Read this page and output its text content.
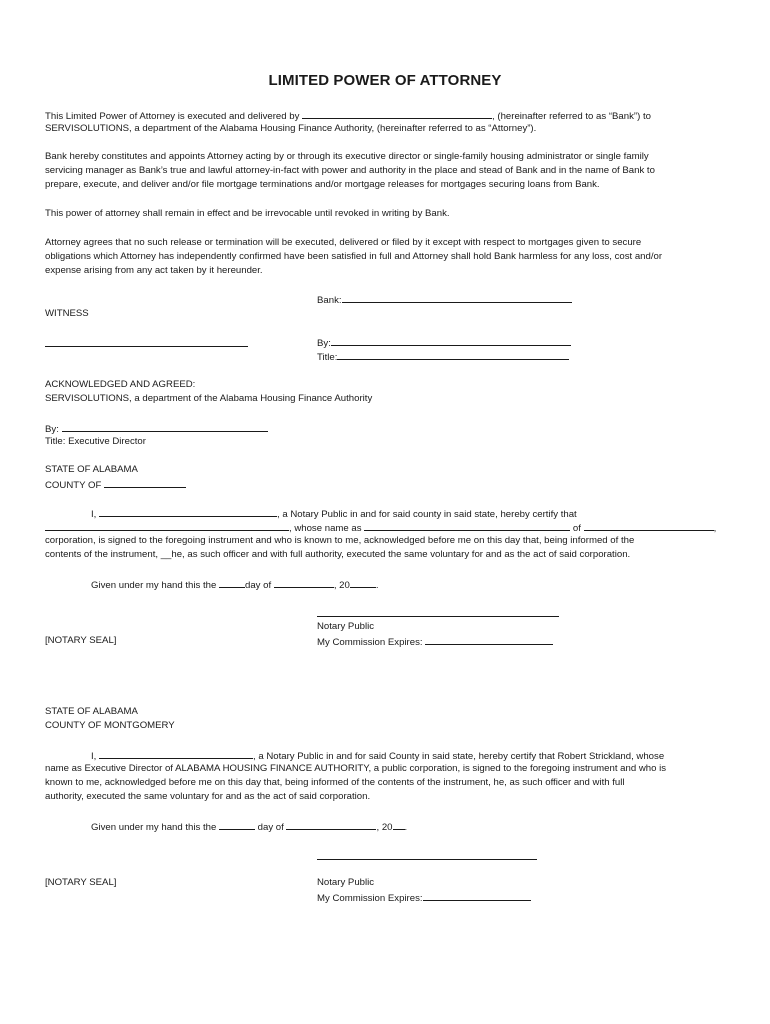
LIMITED POWER OF ATTORNEY
This Limited Power of Attorney is executed and delivered by	, (hereinafter referred to as “Bank”) to
SERVISOLUTIONS, a department of the Alabama Housing Finance Authority, (hereinafter referred to as “Attorney”).
Bank hereby constitutes and appoints Attorney acting by or through its executive director or single-family housing administrator or single family
servicing manager as Bank’s true and lawful attorney-in-fact with power and authority in the place and stead of Bank and in the name of Bank to
prepare, execute, and deliver and/or file mortgage terminations and/or mortgage releases for mortgages securing loans from Bank.
This power of attorney shall remain in effect and be irrevocable until revoked in writing by Bank.
Attorney agrees that no such release or termination will be executed, delivered or filed by it except with respect to mortgages given to secure
obligations which Attorney has independently confirmed have been satisfied in full and Attorney shall hold Bank harmless for any loss, cost and/or
expense arising from any act taken by it hereunder.
Bank:
WITNESS
By:
Title:
ACKNOWLEDGED AND AGREED:
SERVISOLUTIONS, a department of the Alabama Housing Finance Authority
By:
Title: Executive Director
STATE OF ALABAMA
COUNTY OF
I,	, a Notary Public in and for said county in said state, hereby certify that
, whose name as	of	,
corporation, is signed to the foregoing instrument and who is known to me, acknowledged before me on this day that, being informed of the
contents of the instrument, __he, as such officer and with full authority, executed the same voluntary for and as the act of said corporation.
Given under my hand this the	day of	, 20	.
Notary Public
[NOTARY SEAL]	My Commission Expires:
STATE OF ALABAMA
COUNTY OF MONTGOMERY
I,	, a Notary Public in and for said County in said state, hereby certify that Robert Strickland, whose
name as Executive Director of ALABAMA HOUSING FINANCE AUTHORITY, a public corporation, is signed to the foregoing instrument and who is
known to me, acknowledged before me on this day that, being informed of the contents of the instrument, he, as such officer and with full
authority, executed the same voluntary for and as the act of said corporation.
Given under my hand this the	day of	, 20 .
[NOTARY SEAL]	Notary Public
My Commission Expires:
